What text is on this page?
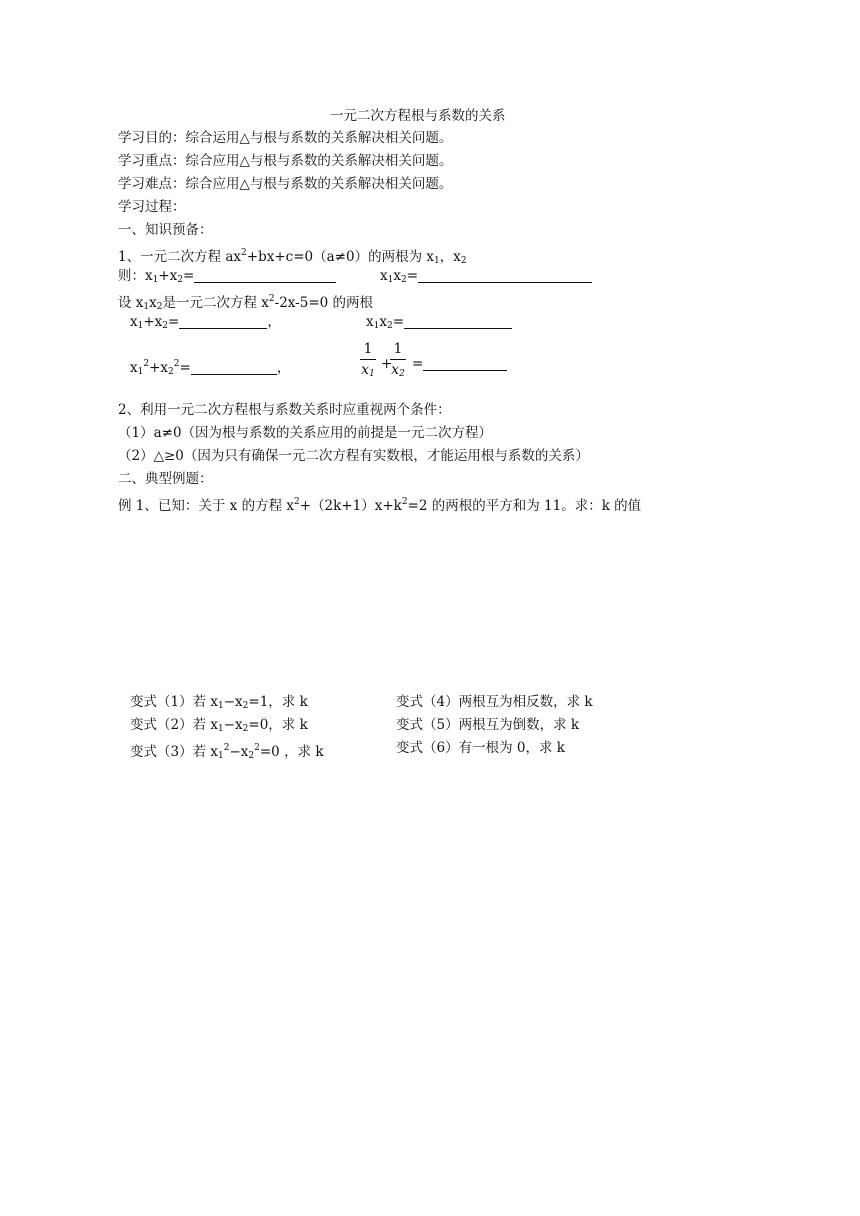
一元二次方程根与系数的关系
学习目的：综合运用△与根与系数的关系解决相关问题。
学习重点：综合应用△与根与系数的关系解决相关问题。
学习难点：综合应用△与根与系数的关系解决相关问题。
学习过程：
一、知识预备：
1、一元二次方程 $ax^2+bx+c=0(a\ne 0)$的两根为 $x_1$，$x_2$
则：$x_1+x_2=$	$x_1x_2=$
设 $x_1x_2$是一元二次方程 $x^2-2x-5=0$ 的两根
$x_1+x_2=$	，	$x_1x_2=$
$x_1^2+x_2^2=$	，
1
$x_1$
+
1
$x_2$
=
2、利用一元二次方程根与系数关系时应重视两个条件：
（1）a≠0（因为根与系数的关系应用的前提是一元二次方程）
（2）△≥0（因为只有确保一元二次方程有实数根，才能运用根与系数的关系）
二、典型例题：
例 1、已知：关于 x 的方程 $x^2+(2k+1)x+k^2=2$ 的两根的平方和为 11。求：k 的值
变式（1）若 $x_1-x_2=1$，求 k	变式（4）两根互为相反数，求 k
变式（2）若 $x_1-x_2=0$，求 k	变式（5）两根互为倒数，求 k
变式（3）若 $x_1^2-x_2^2=0$ ，求 k	变式（6）有一根为 0，求 k
